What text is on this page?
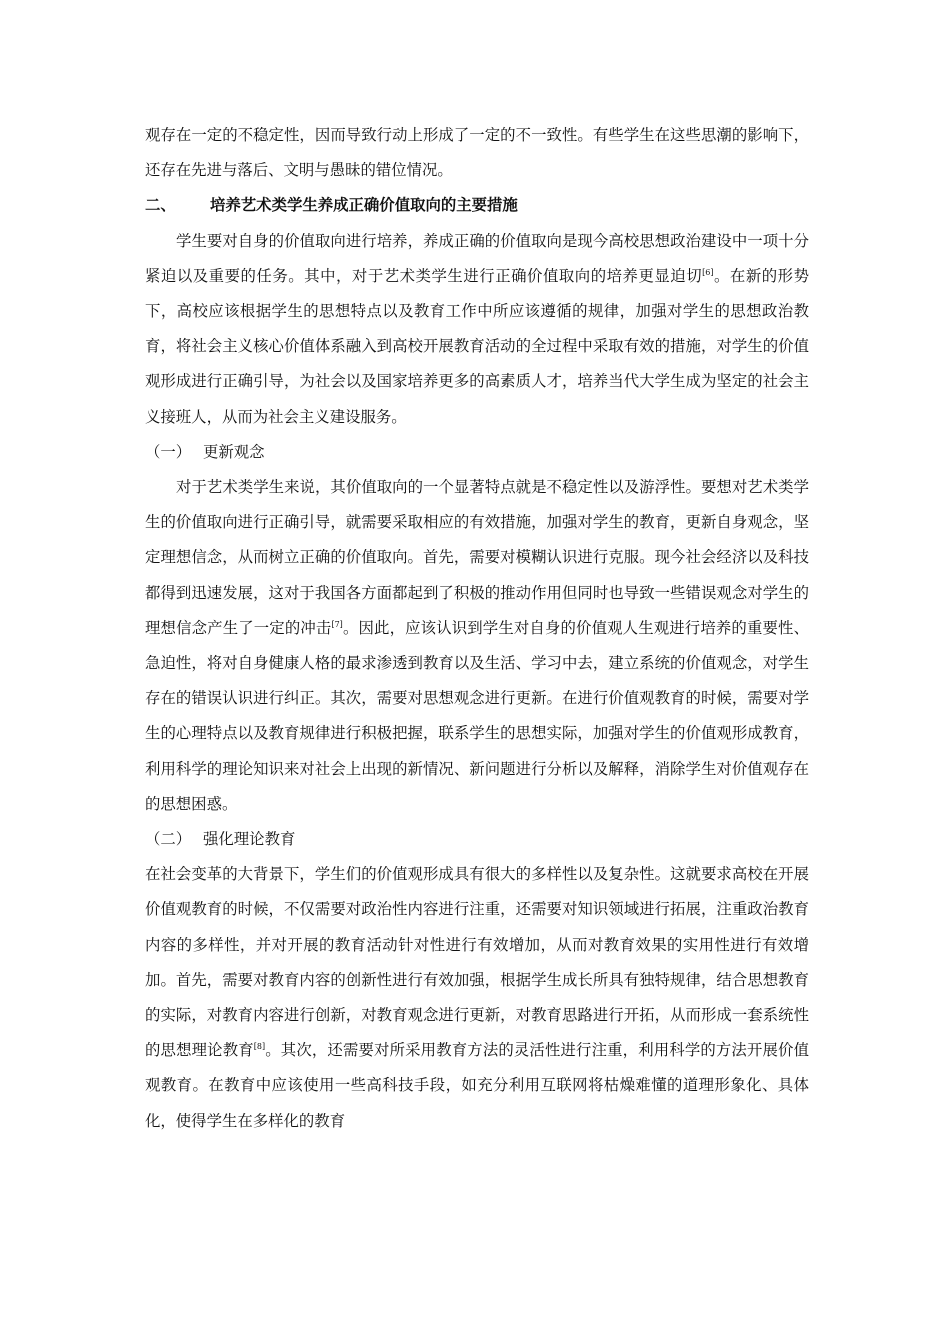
观存在一定的不稳定性，因而导致行动上形成了一定的不一致性。有些学生在这些思潮的影响下，还存在先进与落后、文明与愚昧的错位情况。

二、 培养艺术类学生养成正确价值取向的主要措施

学生要对自身的价值取向进行培养，养成正确的价值取向是现今高校思想政治建设中一项十分紧迫以及重要的任务。其中，对于艺术类学生进行正确价值取向的培养更显迫切[6]。在新的形势下，高校应该根据学生的思想特点以及教育工作中所应该遵循的规律，加强对学生的思想政治教育，将社会主义核心价值体系融入到高校开展教育活动的全过程中采取有效的措施，对学生的价值观形成进行正确引导，为社会以及国家培养更多的高素质人才，培养当代大学生成为坚定的社会主义接班人，从而为社会主义建设服务。

（一） 更新观念

对于艺术类学生来说，其价值取向的一个显著特点就是不稳定性以及游浮性。要想对艺术类学生的价值取向进行正确引导，就需要采取相应的有效措施，加强对学生的教育，更新自身观念，坚定理想信念，从而树立正确的价值取向。首先，需要对模糊认识进行克服。现今社会经济以及科技都得到迅速发展，这对于我国各方面都起到了积极的推动作用但同时也导致一些错误观念对学生的理想信念产生了一定的冲击[7]。因此，应该认识到学生对自身的价值观人生观进行培养的重要性、急迫性，将对自身健康人格的最求渗透到教育以及生活、学习中去，建立系统的价值观念，对学生存在的错误认识进行纠正。其次，需要对思想观念进行更新。在进行价值观教育的时候，需要对学生的心理特点以及教育规律进行积极把握，联系学生的思想实际，加强对学生的价值观形成教育，利用科学的理论知识来对社会上出现的新情况、新问题进行分析以及解释，消除学生对价值观存在的思想困惑。

（二） 强化理论教育

在社会变革的大背景下，学生们的价值观形成具有很大的多样性以及复杂性。这就要求高校在开展价值观教育的时候，不仅需要对政治性内容进行注重，还需要对知识领域进行拓展，注重政治教育内容的多样性，并对开展的教育活动针对性进行有效增加，从而对教育效果的实用性进行有效增加。首先，需要对教育内容的创新性进行有效加强，根据学生成长所具有独特规律，结合思想教育的实际，对教育内容进行创新，对教育观念进行更新，对教育思路进行开拓，从而形成一套系统性的思想理论教育[8]。其次，还需要对所采用教育方法的灵活性进行注重，利用科学的方法开展价值观教育。在教育中应该使用一些高科技手段，如充分利用互联网将枯燥难懂的道理形象化、具体化，使得学生在多样化的教育
